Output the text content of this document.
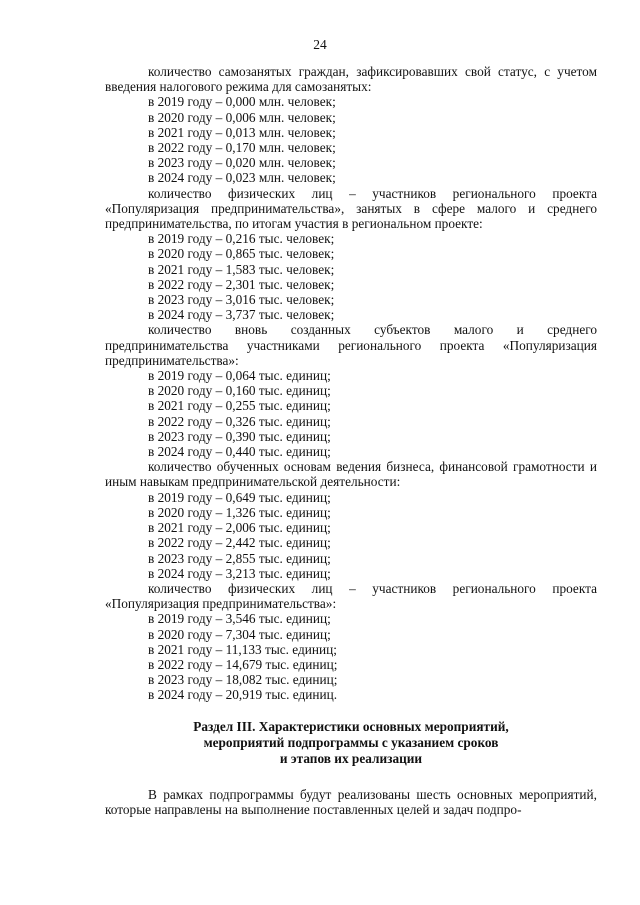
24

количество самозанятых граждан, зафиксировавших свой статус, с учетом введения налогового режима для самозанятых:

в 2019 году – 0,000 млн. человек;
в 2020 году – 0,006 млн. человек;
в 2021 году – 0,013 млн. человек;
в 2022 году – 0,170 млн. человек;
в 2023 году – 0,020 млн. человек;
в 2024 году – 0,023 млн. человек;

количество физических лиц – участников регионального проекта «Популяризация предпринимательства», занятых в сфере малого и среднего предпринимательства, по итогам участия в региональном проекте:

в 2019 году – 0,216 тыс. человек;
в 2020 году – 0,865 тыс. человек;
в 2021 году – 1,583 тыс. человек;
в 2022 году – 2,301 тыс. человек;
в 2023 году – 3,016 тыс. человек;
в 2024 году – 3,737 тыс. человек;

количество вновь созданных субъектов малого и среднего предпринимательства участниками регионального проекта «Популяризация предпринимательства»:

в 2019 году – 0,064 тыс. единиц;
в 2020 году – 0,160 тыс. единиц;
в 2021 году – 0,255 тыс. единиц;
в 2022 году – 0,326 тыс. единиц;
в 2023 году – 0,390 тыс. единиц;
в 2024 году – 0,440 тыс. единиц;

количество обученных основам ведения бизнеса, финансовой грамотности и иным навыкам предпринимательской деятельности:

в 2019 году – 0,649 тыс. единиц;
в 2020 году – 1,326 тыс. единиц;
в 2021 году – 2,006 тыс. единиц;
в 2022 году – 2,442 тыс. единиц;
в 2023 году – 2,855 тыс. единиц;
в 2024 году – 3,213 тыс. единиц;

количество физических лиц – участников регионального проекта «Популяризация предпринимательства»:

в 2019 году – 3,546 тыс. единиц;
в 2020 году – 7,304 тыс. единиц;
в 2021 году – 11,133 тыс. единиц;
в 2022 году – 14,679 тыс. единиц;
в 2023 году – 18,082 тыс. единиц;
в 2024 году – 20,919 тыс. единиц.
Раздел III. Характеристики основных мероприятий,
мероприятий подпрограммы с указанием сроков
и этапов их реализации

В рамках подпрограммы будут реализованы шесть основных мероприятий, которые направлены на выполнение поставленных целей и задач подпро-
